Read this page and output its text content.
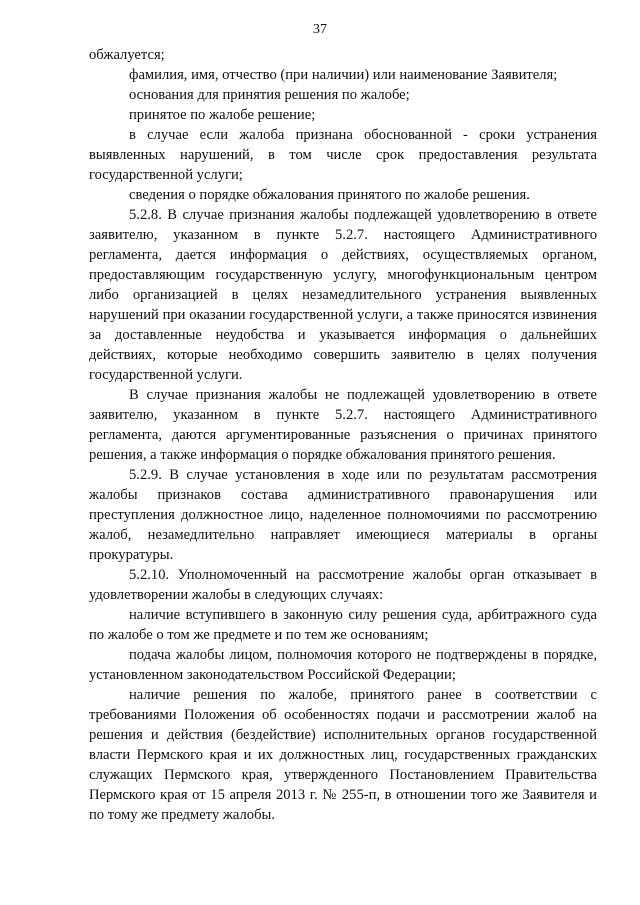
37

обжалуется;

фамилия, имя, отчество (при наличии) или наименование Заявителя;

основания для принятия решения по жалобе;

принятое по жалобе решение;

в случае если жалоба признана обоснованной - сроки устранения выявленных нарушений, в том числе срок предоставления результата государственной услуги;

сведения о порядке обжалования принятого по жалобе решения.

5.2.8. В случае признания жалобы подлежащей удовлетворению в ответе заявителю, указанном в пункте 5.2.7. настоящего Административного регламента, дается информация о действиях, осуществляемых органом, предоставляющим государственную услугу, многофункциональным центром либо организацией в целях незамедлительного устранения выявленных нарушений при оказании государственной услуги, а также приносятся извинения за доставленные неудобства и указывается информация о дальнейших действиях, которые необходимо совершить заявителю в целях получения государственной услуги.

В случае признания жалобы не подлежащей удовлетворению в ответе заявителю, указанном в пункте 5.2.7. настоящего Административного регламента, даются аргументированные разъяснения о причинах принятого решения, а также информация о порядке обжалования принятого решения.

5.2.9. В случае установления в ходе или по результатам рассмотрения жалобы признаков состава административного правонарушения или преступления должностное лицо, наделенное полномочиями по рассмотрению жалоб, незамедлительно направляет имеющиеся материалы в органы прокуратуры.

5.2.10. Уполномоченный на рассмотрение жалобы орган отказывает в удовлетворении жалобы в следующих случаях:

наличие вступившего в законную силу решения суда, арбитражного суда по жалобе о том же предмете и по тем же основаниям;

подача жалобы лицом, полномочия которого не подтверждены в порядке, установленном законодательством Российской Федерации;

наличие решения по жалобе, принятого ранее в соответствии с требованиями Положения об особенностях подачи и рассмотрении жалоб на решения и действия (бездействие) исполнительных органов государственной власти Пермского края и их должностных лиц, государственных гражданских служащих Пермского края, утвержденного Постановлением Правительства Пермского края от 15 апреля 2013 г. № 255-п, в отношении того же Заявителя и по тому же предмету жалобы.
